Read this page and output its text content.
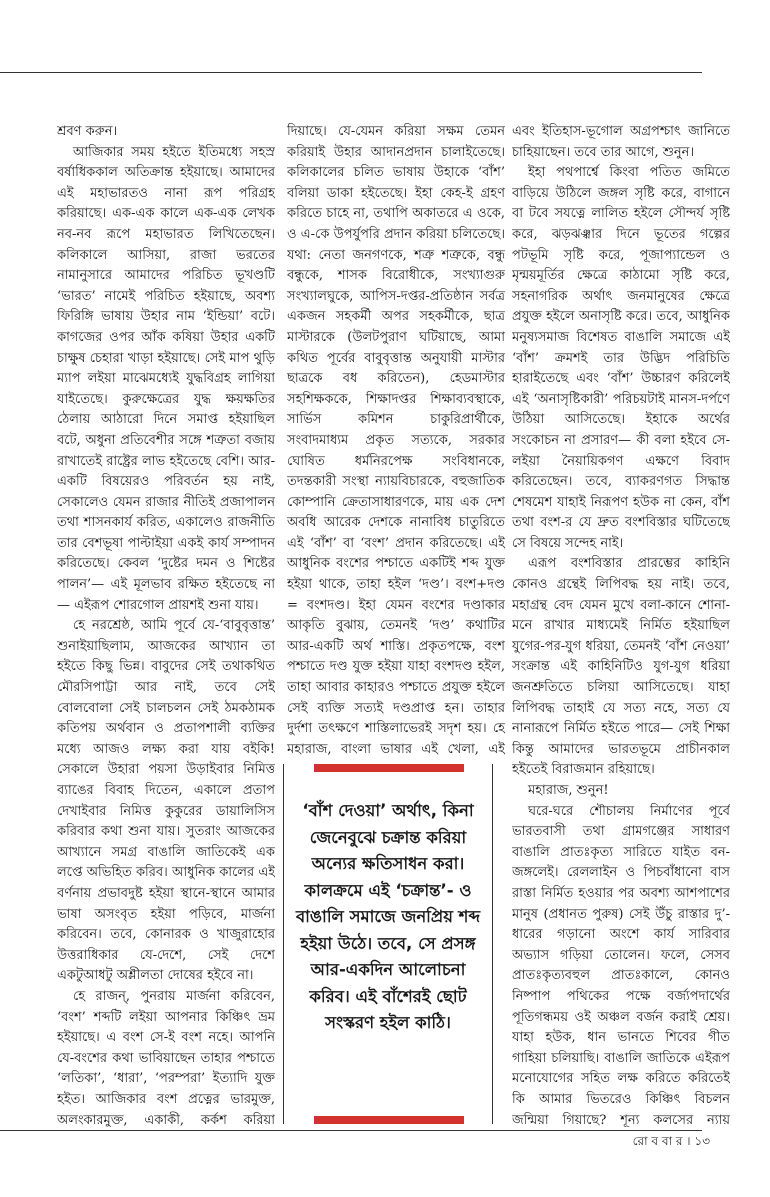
শ্রবণ করুন।

আজিকার সময় হইতে ইতিমধ্যে সহস্র বর্ষাধিককাল অতিক্রান্ত হইয়াছে। আমাদের এই মহাভারতও নানা রূপ পরিগ্রহ করিয়াছে। এক-এক কালে এক-এক লেখক নব-নব রূপে মহাভারত লিখিতেছেন। কলিকালে আসিয়া, রাজা ভরতের নামানুসারে আমাদের পরিচিত ভূখণ্ডটি ‘ভারত’ নামেই পরিচিত হইয়াছে, অবশ্য ফিরিঙ্গি ভাষায় উহার নাম ‘ইন্ডিয়া’ বটে। কাগজের ওপর আঁক কষিয়া উহার একটি চাক্ষুষ চেহারা খাড়া হইয়াছে। সেই মাপ থুড়ি ম্যাপ লইয়া মাঝেমধ্যেই যুদ্ধবিগ্রহ লাগিয়া যাইতেছে। কুরুক্ষেত্রের যুদ্ধ ক্ষয়ক্ষতির ঠেলায় আঠারো দিনে সমাপ্ত হইয়াছিল বটে, অধুনা প্রতিবেশীর সঙ্গে শত্রুতা বজায় রাখাতেই রাষ্ট্রের লাভ হইতেছে বেশি। আর-একটি বিষয়েরও পরিবর্তন হয় নাই, সেকালেও যেমন রাজার নীতিই প্রজাপালন তথা শাসনকার্য করিত, একালেও রাজনীতি তার বেশভূষা পাল্টাইয়া একই কার্য সম্পাদন করিতেছে। কেবল ‘দুষ্টের দমন ও শিষ্টের পালন’— এই মূলভাব রক্ষিত হইতেছে না— এইরূপ শোরগোল প্রায়শই শুনা যায়।

হে নরশ্রেষ্ঠ, আমি পূর্বে যে-‘বাবুবৃত্তান্ত’ শুনাইয়াছিলাম, আজকের আখ্যান তা হইতে কিছু ভিন্ন। বাবুদের সেই তথাকথিত মৌরসিপাট্টা আর নাই, তবে সেই বোলবোলা সেই চালচলন সেই ঠমকঠামক কতিপয় অর্থবান ও প্রতাপশালী ব্যক্তির মধ্যে আজও লক্ষ্য করা যায় বইকি! সেকালে উহারা পয়সা উড়াইবার নিমিত্ত ব্যাঙের বিবাহ দিতেন, একালে প্রতাপ দেখাইবার নিমিত্ত কুকুরের ডায়ালিসিস করিবার কথা শুনা যায়। সুতরাং আজকের আখ্যানে সমগ্র বাঙালি জাতিকেই এক লপ্তে অভিহিত করিব। আধুনিক কালের এই বর্ণনায় প্রভাবদুষ্ট হইয়া স্থানে-স্থানে আমার ভাষা অসংবৃত হইয়া পড়িবে, মার্জনা করিবেন। তবে, কোনারক ও খাজুরাহোর উত্তরাধিকার যে-দেশে, সেই দেশে একটুআধটু অশ্লীলতা দোষের হইবে না।

হে রাজন্‌, পুনরায় মার্জনা করিবেন, ‘বংশ’ শব্দটি লইয়া আপনার কিঞ্চিৎ ভ্রম হইয়াছে। এ বংশ সে-ই বংশ নহে। আপনি যে-বংশের কথা ভাবিয়াছেন তাহার পশ্চাতে ‘লতিকা’, ‘ধারা’, ‘পরম্পরা’ ইত্যাদি যুক্ত হইত। আজিকার বংশ প্রত্নের ভারমুক্ত, অলংকারমুক্ত, একাকী, কর্কশ করিয়া

দিয়াছে। যে-যেমন করিয়া সক্ষম তেমন করিয়াই উহার আদানপ্রদান চালাইতেছে। কলিকালের চলিত ভাষায় উহাকে ‘বাঁশ’ বলিয়া ডাকা হইতেছে। ইহা কেহ-ই গ্রহণ করিতে চাহে না, তথাপি অকাতরে এ ওকে, ও এ-কে উপর্যুপরি প্রদান করিয়া চলিতেছে। যথা: নেতা জনগণকে, শত্রু শত্রুকে, বন্ধু বন্ধুকে, শাসক বিরোধীকে, সংখ্যাগুরু সংখ্যালঘুকে, আপিস-দপ্তর-প্রতিষ্ঠান সর্বত্র একজন সহকর্মী অপর সহকর্মীকে, ছাত্র মাস্টারকে (উলটপুরাণ ঘটিয়াছে, আমা কথিত পূর্বের বাবুবৃত্তান্ত অনুযায়ী মাস্টার ছাত্রকে বধ করিতেন), হেডমাস্টার সহশিক্ষককে, শিক্ষাদপ্তর শিক্ষাব্যবস্থাকে, সার্ভিস কমিশন চাকুরিপ্রার্থীকে, সংবাদমাধ্যম প্রকৃত সত্যকে, সরকার ঘোষিত ধর্মনিরপেক্ষ সংবিধানকে, তদন্তকারী সংস্থা ন্যায়বিচারকে, বহুজাতিক কোম্পানি ক্রেতাসাধারণকে, মায় এক দেশ অবধি আরেক দেশকে নানাবিধ চাতুরিতে এই ‘বাঁশ’ বা ‘বংশ’ প্রদান করিতেছে। এই আধুনিক বংশের পশ্চাতে একটিই শব্দ যুক্ত হইয়া থাকে, তাহা হইল ‘দণ্ড’। বংশ+দণ্ড = বংশদণ্ড। ইহা যেমন বংশের দণ্ডাকার আকৃতি বুঝায়, তেমনই ‘দণ্ড’ কথাটির আর-একটি অর্থ শাস্তি। প্রকৃতপক্ষে, বংশ পশ্চাতে দণ্ড যুক্ত হইয়া যাহা বংশদণ্ড হইল, তাহা আবার কাহারও পশ্চাতে প্রযুক্ত হইলে সেই ব্যক্তি সত্যই দণ্ডপ্রাপ্ত হন। তাহার দুর্দশা তৎক্ষণে শাস্তিলাভেরই সদৃশ হয়। হে মহারাজ, বাংলা ভাষার এই খেলা, এই

এবং ইতিহাস-ভূগোল অগ্রপশ্চাৎ জানিতে চাহিয়াছেন। তবে তার আগে, শুনুন।

ইহা পথপার্শ্বে কিংবা পতিত জমিতে বাড়িয়ে উঠিলে জঙ্গল সৃষ্টি করে, বাগানে বা টবে সযত্নে লালিত হইলে সৌন্দর্য সৃষ্টি করে, ঝড়ঝঞ্ঝার দিনে ভূতের গল্পের পটভূমি সৃষ্টি করে, পূজাপ্যান্ডেল ও মৃন্ময়মূর্তির ক্ষেত্রে কাঠামো সৃষ্টি করে, সহনাগরিক অর্থাৎ জনমানুষের ক্ষেত্রে প্রযুক্ত হইলে অনাসৃষ্টি করে। তবে, আধুনিক মনুষ্যসমাজ বিশেষত বাঙালি সমাজে এই ‘বাঁশ’ ক্রমশই তার উদ্ভিদ পরিচিতি হারাইতেছে এবং ‘বাঁশ’ উচ্চারণ করিলেই এই ‘অনাসৃষ্টিকারী’ পরিচয়টাই মানস-দর্পণে উঠিয়া আসিতেছে। ইহাকে অর্থের সংকোচন না প্রসারণ— কী বলা হইবে সে-লইয়া নৈয়ায়িকগণ এক্ষণে বিবাদ করিতেছেন। তবে, ব্যাকরণগত সিদ্ধান্ত শেষমেশ যাহাই নিরূপণ হউক না কেন, বাঁশ তথা বংশ-র যে দ্রুত বংশবিস্তার ঘটিতেছে সে বিষয়ে সন্দেহ নাই।

এরূপ বংশবিস্তার প্রারম্ভের কাহিনি কোনও গ্রন্থেই লিপিবদ্ধ হয় নাই। তবে, মহাগ্রন্থ বেদ যেমন মুখে বলা-কানে শোনা-মনে রাখার মাধ্যমেই নির্মিত হইয়াছিল যুগের-পর-যুগ ধরিয়া, তেমনই ‘বাঁশ নেওয়া’ সংক্রান্ত এই কাহিনিটিও যুগ-যুগ ধরিয়া জনশ্রুতিতে চলিয়া আসিতেছে। যাহা লিপিবদ্ধ তাহাই যে সত্য নহে, সত্য যে নানারূপে নির্মিত হইতে পারে— সেই শিক্ষা কিন্তু আমাদের ভারতভূমে প্রাচীনকাল হইতেই বিরাজমান রহিয়াছে।

মহারাজ, শুনুন!

ঘরে-ঘরে শৌচালয় নির্মাণের পূর্বে ভারতবাসী তথা গ্রামগঞ্জের সাধারণ বাঙালি প্রাতঃকৃত্য সারিতে যাইত বন-জঙ্গলেই। রেললাইন ও পিচবাঁধানো বাস রাস্তা নির্মিত হওয়ার পর অবশ্য আশপাশের মানুষ (প্রধানত পুরুষ) সেই উঁচু রাস্তার দু’-ধারের গড়ানো অংশে কার্য সারিবার অভ্যাস গড়িয়া তোলেন। ফলে, সেসব প্রাতঃকৃত্যবহুল প্রাতঃকালে, কোনও নিষ্পাপ পথিকের পক্ষে বর্জ্যপদার্থের পূতিগন্ধময় ওই অঞ্চল বর্জন করাই শ্রেয়। যাহা হউক, ধান ভানতে শিবের গীত গাহিয়া চলিয়াছি। বাঙালি জাতিকে এইরূপ মনোযোগের সহিত লক্ষ করিতে করিতেই কি আমার ভিতরেও কিঞ্চিৎ বিচলন জন্মিয়া গিয়াছে? শূন্য কলসের ন্যায়

‘বাঁশ দেওয়া’ অর্থাৎ, কিনা জেনেবুঝে চক্রান্ত করিয়া অন্যের ক্ষতিসাধন করা। কালক্রমে এই ‘চক্রান্ত’- ও বাঙালি সমাজে জনপ্রিয় শব্দ হইয়া উঠে। তবে, সে প্রসঙ্গ আর-একদিন আলোচনা করিব। এই বাঁশেরই ছোট সংস্করণ হইল কাঠি।
রো ব বা র । ১৩
